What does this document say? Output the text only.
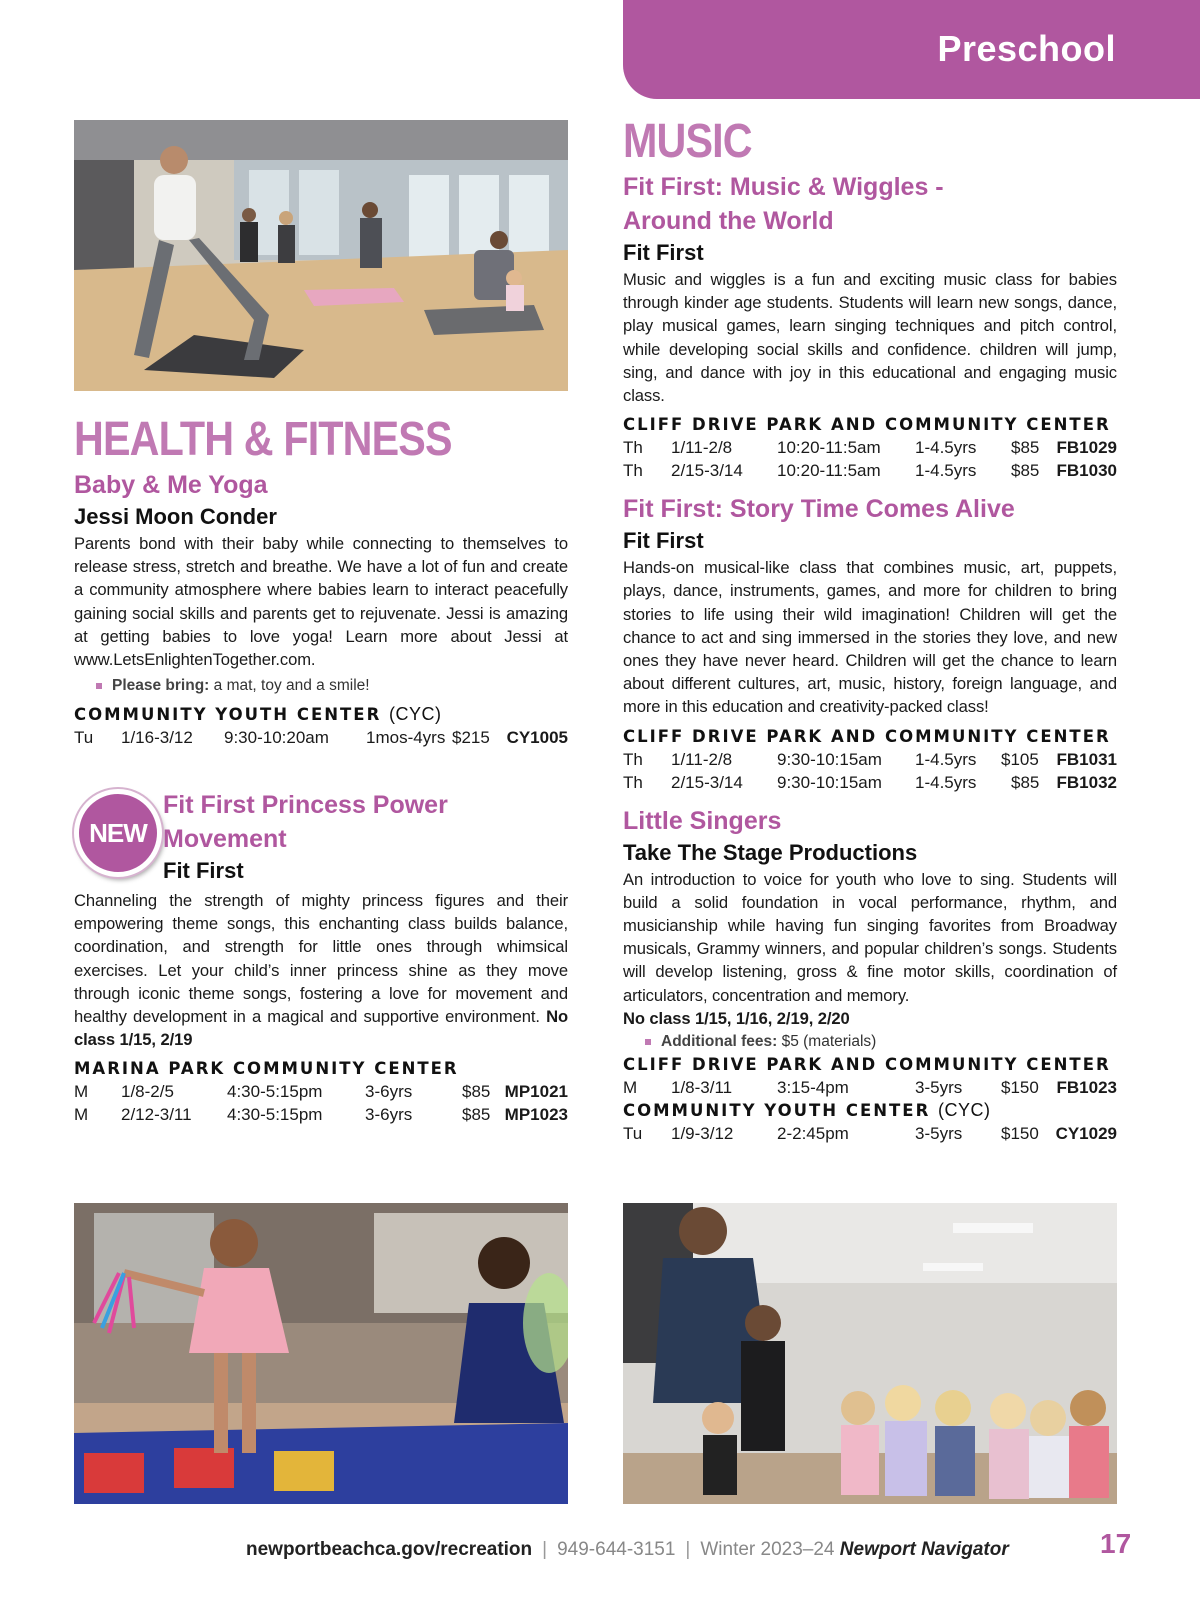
Preschool
HEALTH & FITNESS
Baby & Me Yoga
Jessi Moon Conder
Parents bond with their baby while connecting to themselves to release stress, stretch and breathe. We have a lot of fun and create a community atmosphere where babies learn to interact peacefully gaining social skills and parents get to rejuvenate. Jessi is amazing at getting babies to love yoga! Learn more about Jessi at www.LetsEnlightenTogether.com.
Please bring: a mat, toy and a smile!
COMMUNITY YOUTH CENTER (CYC)
Tu 1/16-3/12 9:30-10:20am 1mos-4yrs $215 CY1005
NEW
Fit First Princess Power
Movement
Fit First
Channeling the strength of mighty princess figures and their empowering theme songs, this enchanting class builds balance, coordination, and strength for little ones through whimsical exercises. Let your child’s inner princess shine as they move through iconic theme songs, fostering a love for movement and healthy development in a magical and supportive environment. No class 1/15, 2/19
MARINA PARK COMMUNITY CENTER
M 1/8-2/5	4:30-5:15pm	3-6yrs	$85 MP1021
M 2/12-3/11 4:30-5:15pm	3-6yrs	$85 MP1023
MUSIC
Fit First: Music & Wiggles -
Around the World
Fit First
Music and wiggles is a fun and exciting music class for babies through kinder age students. Students will learn new songs, dance, play musical games, learn singing techniques and pitch control, while developing social skills and confidence. children will jump, sing, and dance with joy in this educational and engaging music class.
CLIFF DRIVE PARK AND COMMUNITY CENTER
Th 1/11-2/8	10:20-11:5am 1-4.5yrs $85 FB1029
Th 2/15-3/14 10:20-11:5am 1-4.5yrs $85 FB1030
Fit First: Story Time Comes Alive
Fit First
Hands-on musical-like class that combines music, art, puppets, plays, dance, instruments, games, and more for children to bring stories to life using their wild imagination! Children will get the chance to act and sing immersed in the stories they love, and new ones they have never heard. Children will get the chance to learn about different cultures, art, music, history, foreign language, and more in this education and creativity-packed class!
CLIFF DRIVE PARK AND COMMUNITY CENTER
Th 1/11-2/8	9:30-10:15am 1-4.5yrs $105 FB1031
Th 2/15-3/14 9:30-10:15am 1-4.5yrs $85 FB1032
Little Singers
Take The Stage Productions
An introduction to voice for youth who love to sing. Students will build a solid foundation in vocal performance, rhythm, and musicianship while having fun singing favorites from Broadway musicals, Grammy winners, and popular children’s songs. Students will develop listening, gross & fine motor skills, coordination of articulators, concentration and memory.
No class 1/15, 1/16, 2/19, 2/20
Additional fees: $5 (materials)
CLIFF DRIVE PARK AND COMMUNITY CENTER
M 1/8-3/11	3:15-4pm	3-5yrs $150 FB1023
COMMUNITY YOUTH CENTER (CYC)
Tu 1/9-3/12	2-2:45pm	3-5yrs $150 CY1029
newportbeachca.gov/recreation | 949-644-3151 | Winter 2023–24 Newport Navigator	17
